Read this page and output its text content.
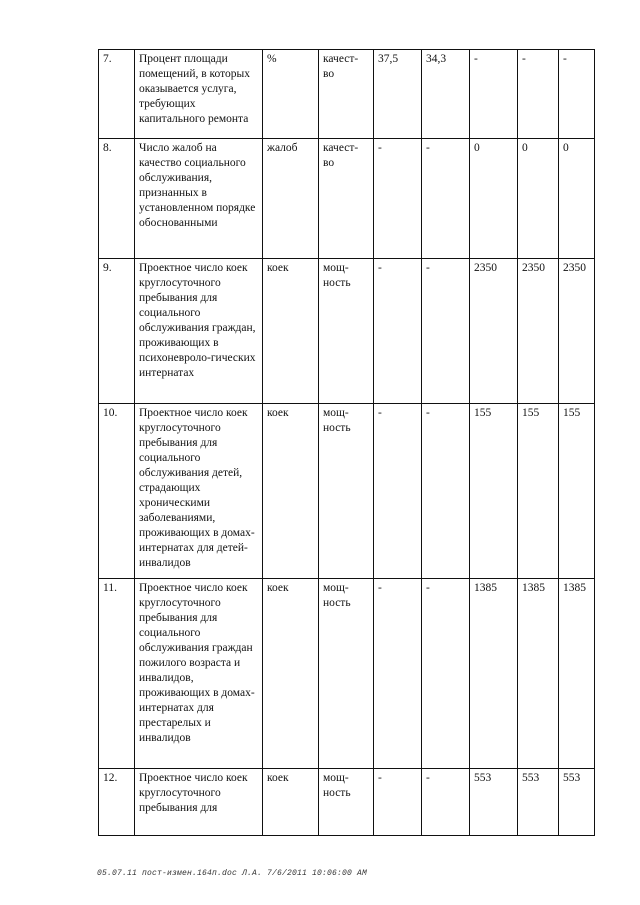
7.	Процент площади помещений, в которых оказывается услуга, требующих капитального ремонта	%	качест-во	37,5	34,3	-	-	-
8.	Число жалоб на качество социального обслуживания, признанных в установленном порядке обоснованными	жалоб	качест-во	-	-	0	0	0
9.	Проектное число коек круглосуточного пребывания для социального обслуживания граждан, проживающих в психоневроло-гических интернатах	коек	мощ-ность	-	-	2350	2350	2350
10.	Проектное число коек круглосуточного пребывания для социального обслуживания детей, страдающих хроническими заболеваниями, проживающих в домах-интернатах для детей-инвалидов	коек	мощ-ность	-	-	155	155	155
11.	Проектное число коек круглосуточного пребывания для социального обслуживания граждан пожилого возраста и инвалидов, проживающих в домах-интернатах для престарелых и инвалидов	коек	мощ-ность	-	-	1385	1385	1385
12.	Проектное число коек круглосуточного пребывания для	коек	мощ-ность	-	-	553	553	553
05.07.11 пост-измен.164п.doc Л.А. 7/6/2011 10:06:00 AM
